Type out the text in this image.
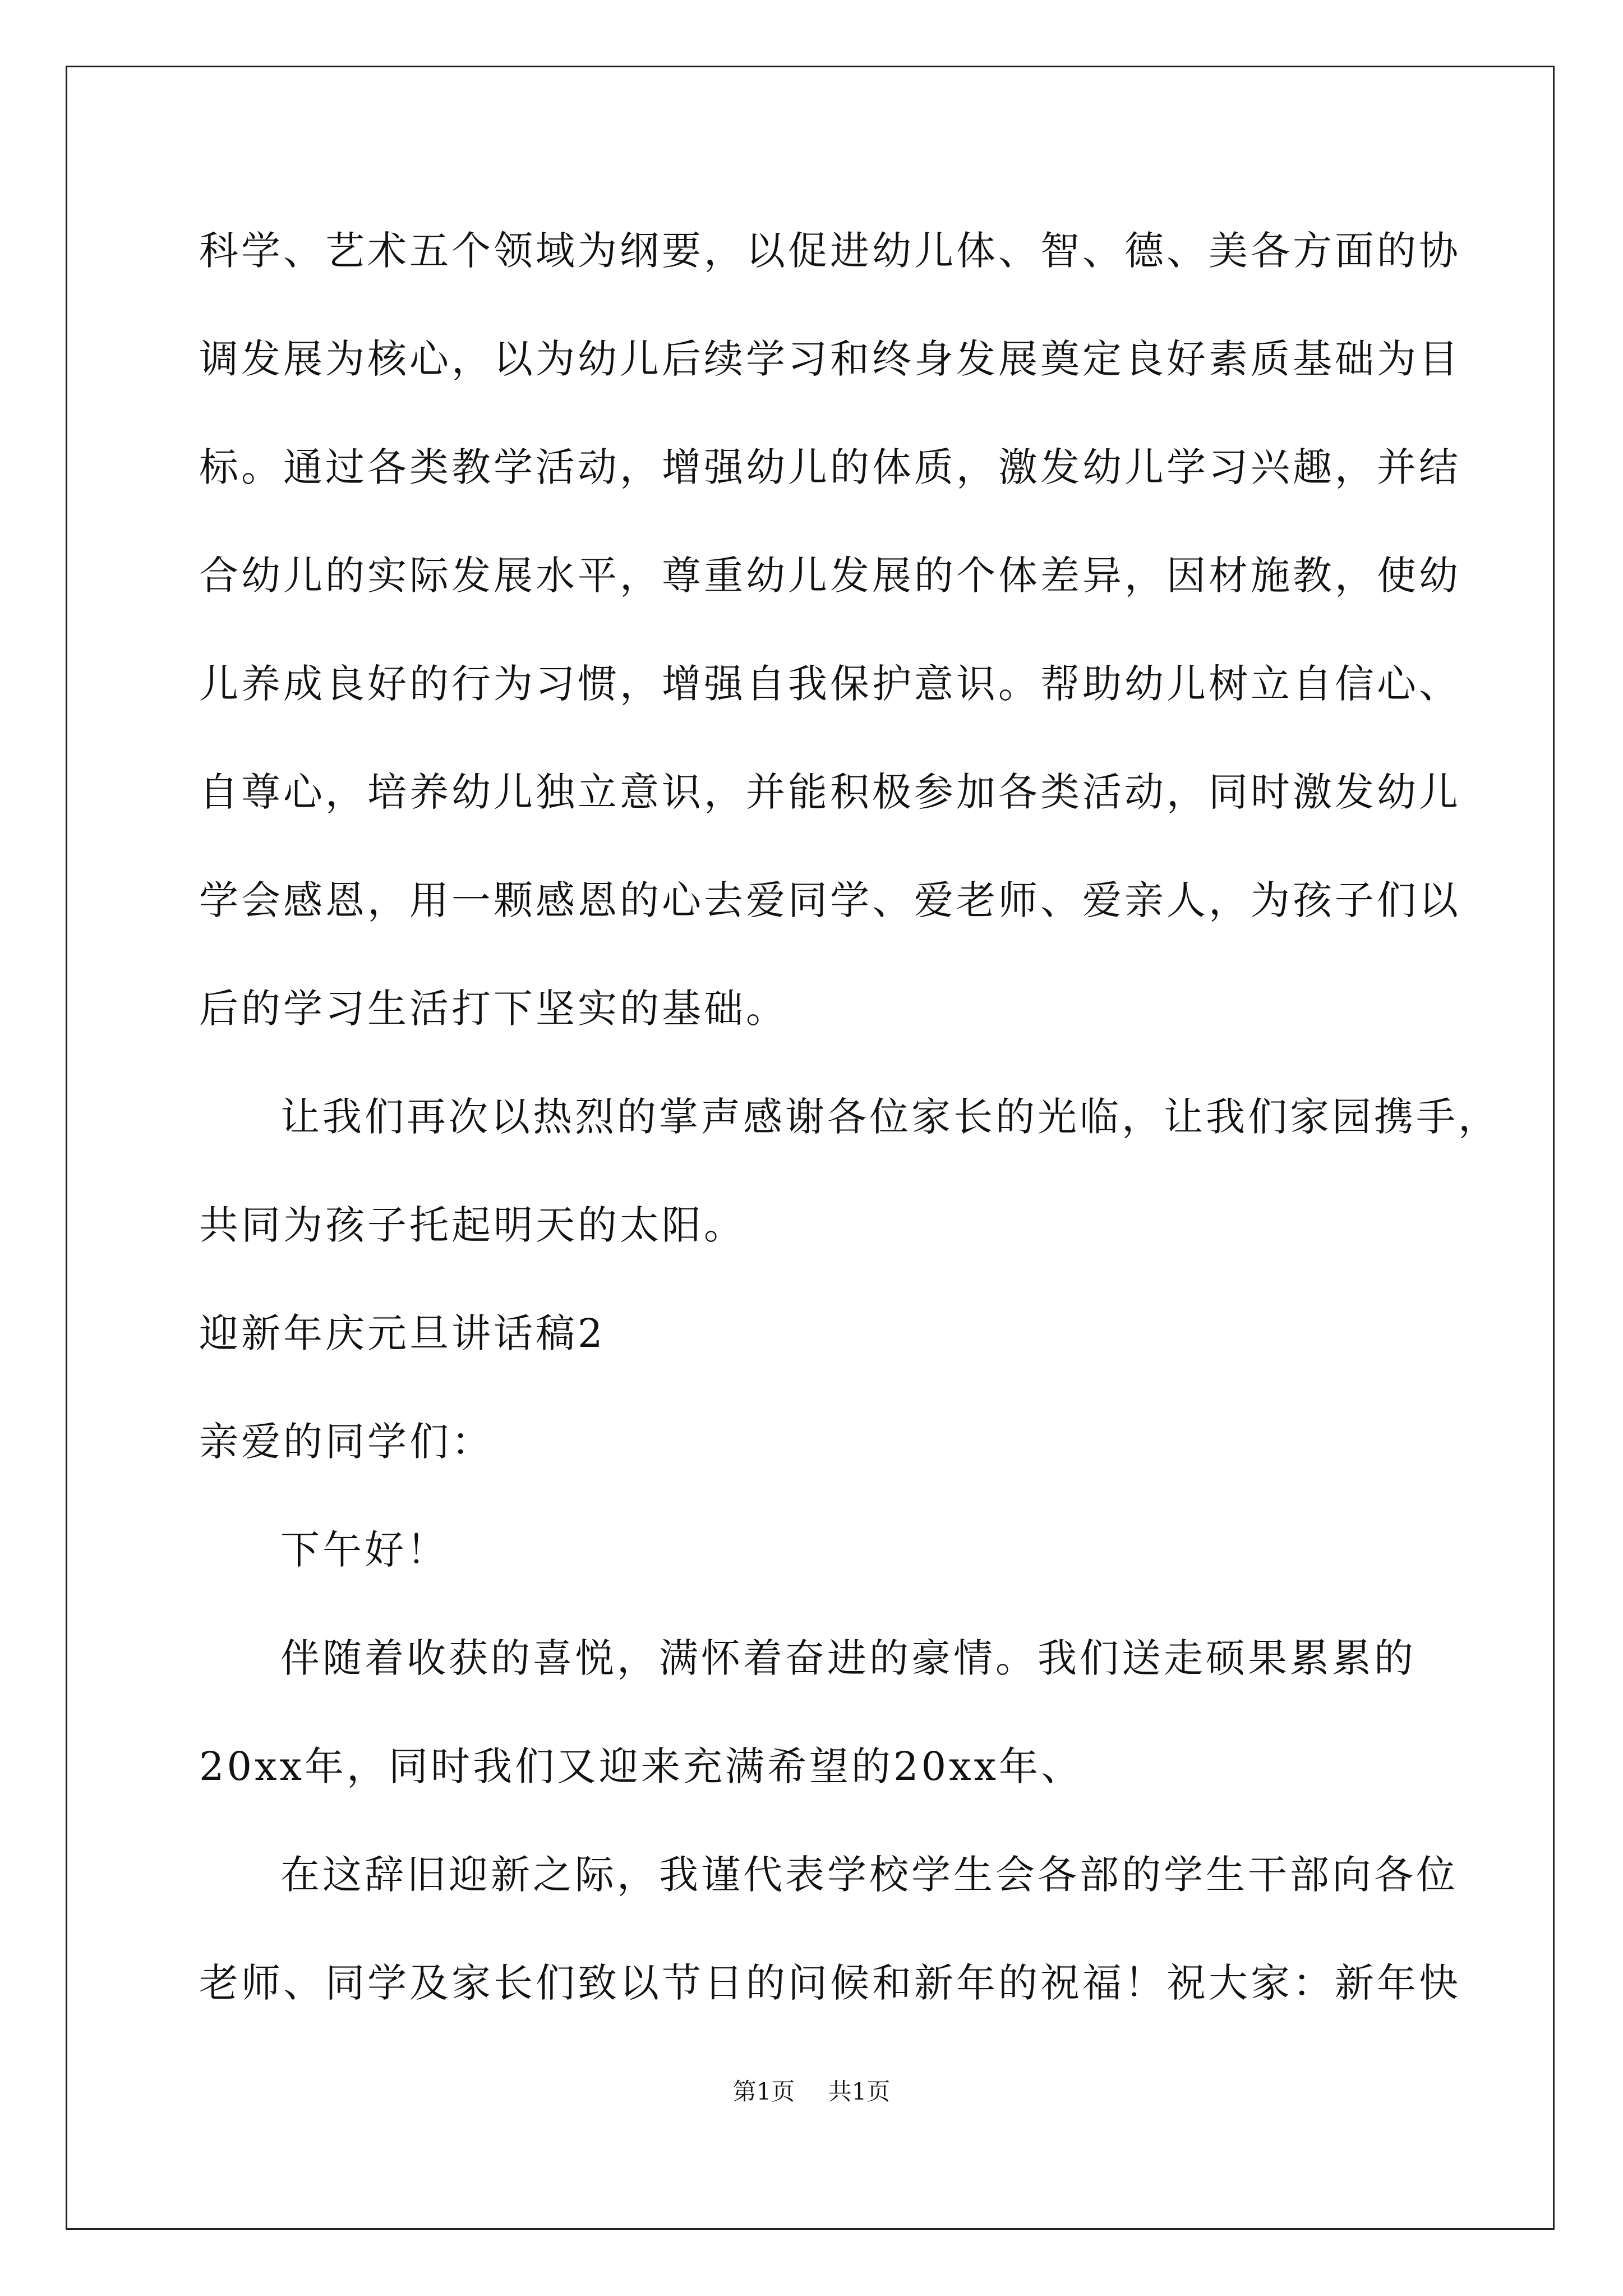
科学、艺术五个领域为纲要，以促进幼儿体、智、德、美各方面的协

调发展为核心，以为幼儿后续学习和终身发展奠定良好素质基础为目

标。通过各类教学活动，增强幼儿的体质，激发幼儿学习兴趣，并结

合幼儿的实际发展水平，尊重幼儿发展的个体差异，因材施教，使幼

儿养成良好的行为习惯，增强自我保护意识。帮助幼儿树立自信心、

自尊心，培养幼儿独立意识，并能积极参加各类活动，同时激发幼儿

学会感恩，用一颗感恩的心去爱同学、爱老师、爱亲人，为孩子们以

后的学习生活打下坚实的基础。

让我们再次以热烈的掌声感谢各位家长的光临，让我们家园携手，

共同为孩子托起明天的太阳。

迎新年庆元旦讲话稿2

亲爱的同学们：

下午好！

伴随着收获的喜悦，满怀着奋进的豪情。我们送走硕果累累的

20xx年，同时我们又迎来充满希望的20xx年、

在这辞旧迎新之际，我谨代表学校学生会各部的学生干部向各位

老师、同学及家长们致以节日的问候和新年的祝福！祝大家：新年快

第1页 共1页
